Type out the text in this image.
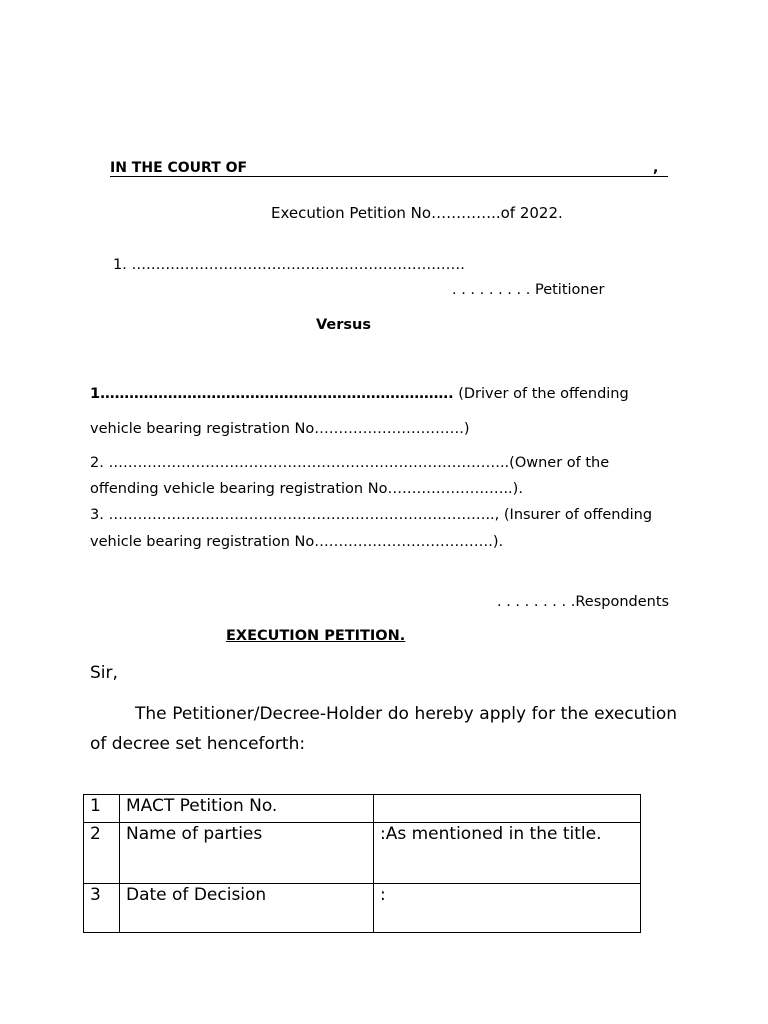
IN THE COURT OF	,
Execution Petition No…………..of 2022.
1. ……………………………………………………………
. . . . . . . . . Petitioner
Versus
1………………………………………………………………. (Driver of the offending
vehicle bearing registration No………………………….)
2. ………………………………………………………………………..(Owner of the
offending vehicle bearing registration No……………………..).
3. …………………………………………………………………….., (Insurer of offending
vehicle bearing registration No……………………………….).
. . . . . . . . .Respondents
EXECUTION PETITION.
Sir,
The Petitioner/Decree-Holder do hereby apply for the execution of decree set henceforth:
1	MACT Petition No.	
2	Name of parties	:As mentioned in the title.
3	Date of Decision	:
